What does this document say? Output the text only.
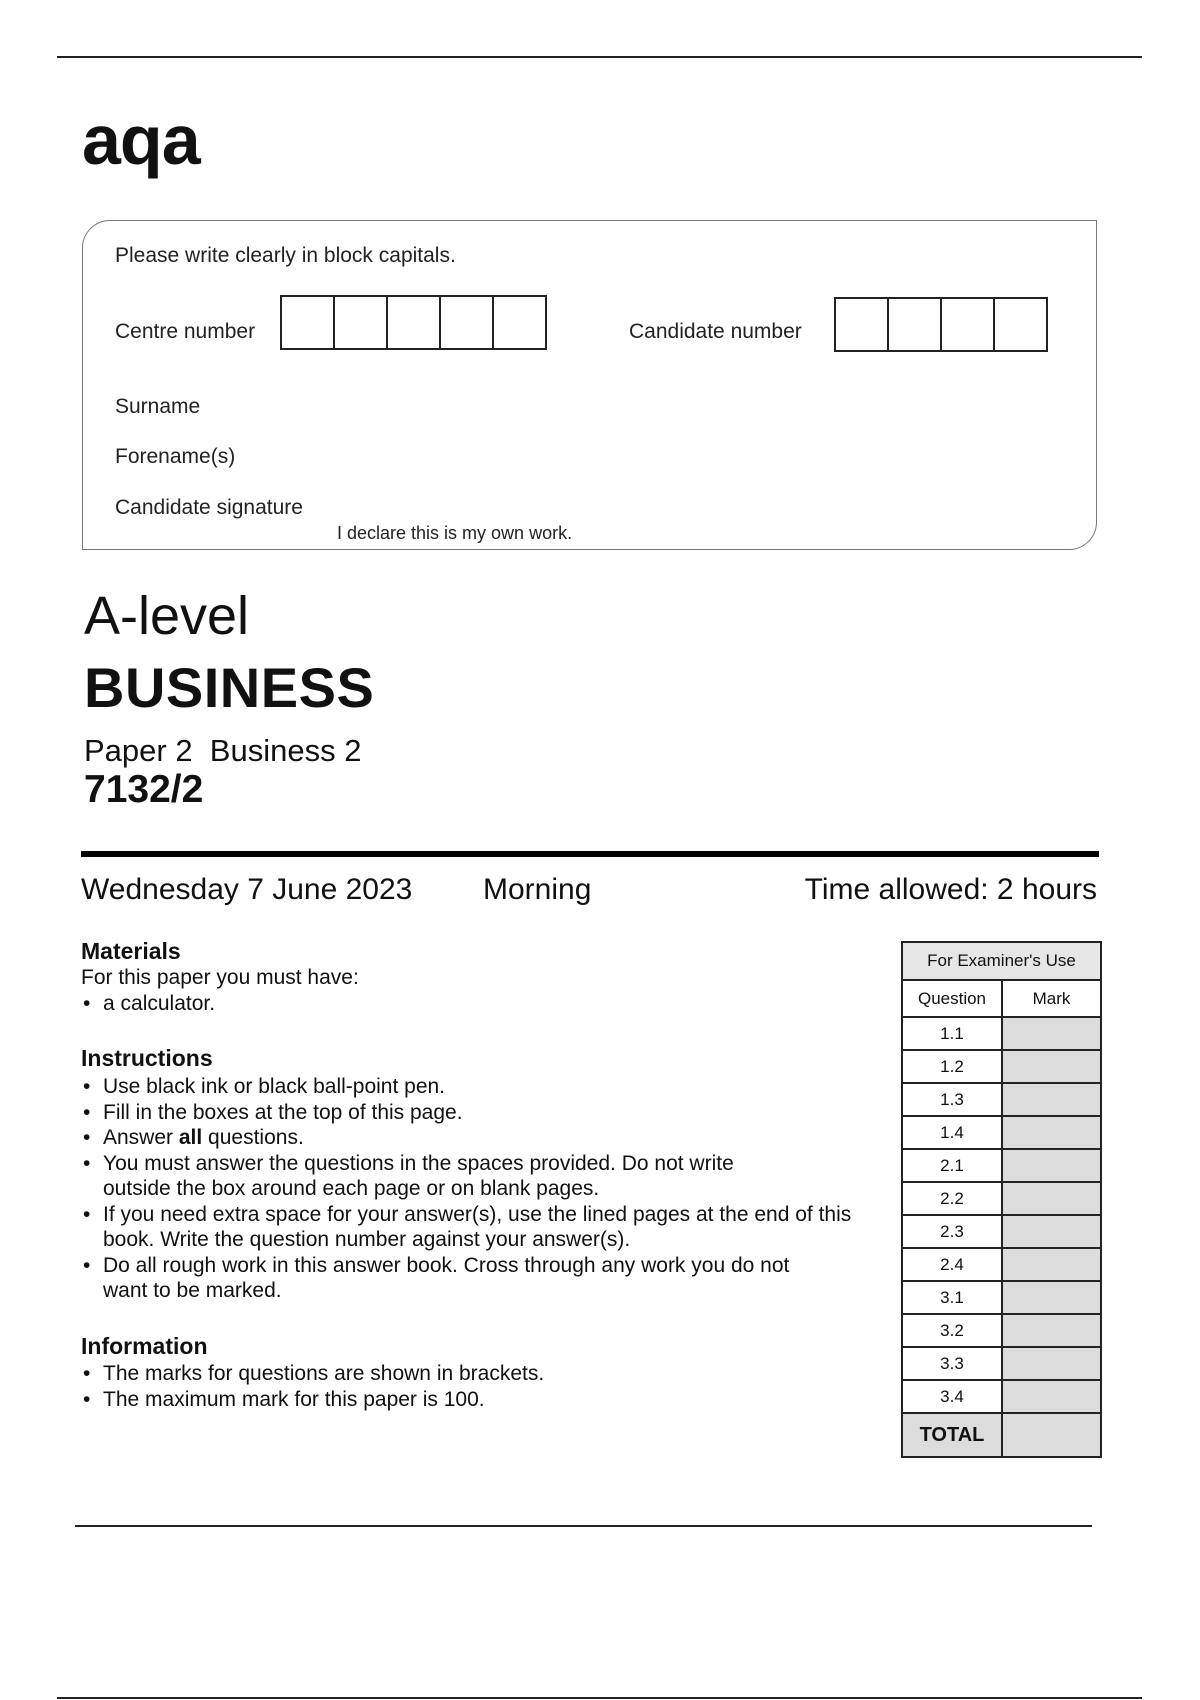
aqa
Please write clearly in block capitals.
Centre number	Candidate number
Surname
Forename(s)
Candidate signature
I declare this is my own work.
A-level
BUSINESS
Paper 2  Business 2
7132/2
Wednesday 7 June 2023 Morning	Time allowed: 2 hours
Materials
For this paper you must have:
• a calculator.
Instructions
• Use black ink or black ball-point pen.
• Fill in the boxes at the top of this page.
• Answer all questions.
• You must answer the questions in the spaces provided. Do not write outside the box around each page or on blank pages.
• If you need extra space for your answer(s), use the lined pages at the end of this book. Write the question number against your answer(s).
• Do all rough work in this answer book. Cross through any work you do not want to be marked.
Information
• The marks for questions are shown in brackets.
• The maximum mark for this paper is 100.
For Examiner's Use	
Question	Mark
1.1	
1.2	
1.3	
1.4	
2.1	
2.2	
2.3	
2.4	
3.1	
3.2	
3.3	
3.4	
TOTAL	
